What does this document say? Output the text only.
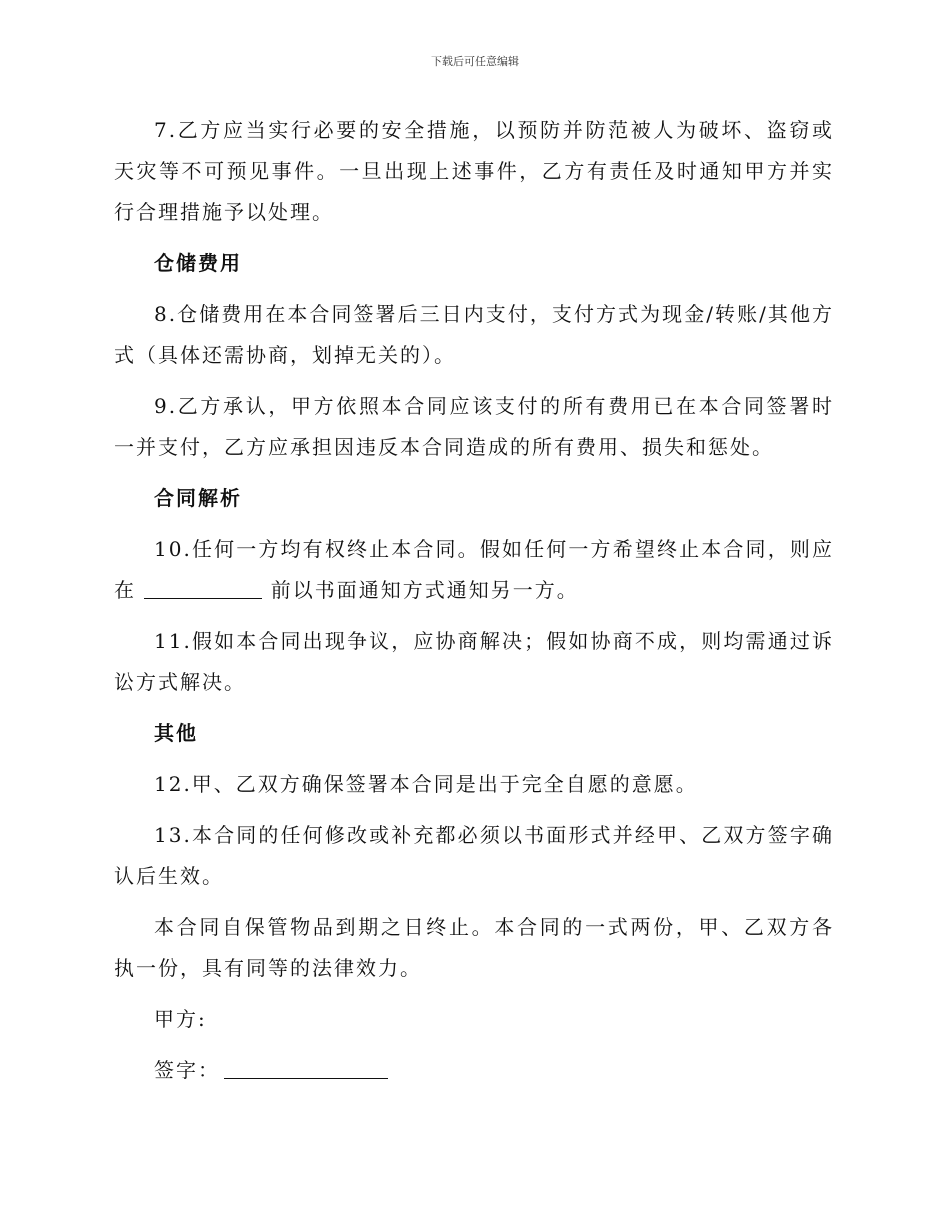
下载后可任意编辑

7.乙方应当实行必要的安全措施，以预防并防范被人为破坏、盗窃或天灾等不可预见事件。一旦出现上述事件，乙方有责任及时通知甲方并实行合理措施予以处理。

仓储费用

8.仓储费用在本合同签署后三日内支付，支付方式为现金/转账/其他方式（具体还需协商，划掉无关的）。

9.乙方承认，甲方依照本合同应该支付的所有费用已在本合同签署时一并支付，乙方应承担因违反本合同造成的所有费用、损失和惩处。

合同解析

10.任何一方均有权终止本合同。假如任何一方希望终止本合同，则应在	前以书面通知方式通知另一方。

11.假如本合同出现争议，应协商解决；假如协商不成，则均需通过诉讼方式解决。

其他

12.甲、乙双方确保签署本合同是出于完全自愿的意愿。

13.本合同的任何修改或补充都必须以书面形式并经甲、乙双方签字确认后生效。

本合同自保管物品到期之日终止。本合同的一式两份，甲、乙双方各执一份，具有同等的法律效力。

甲方:

签字：
